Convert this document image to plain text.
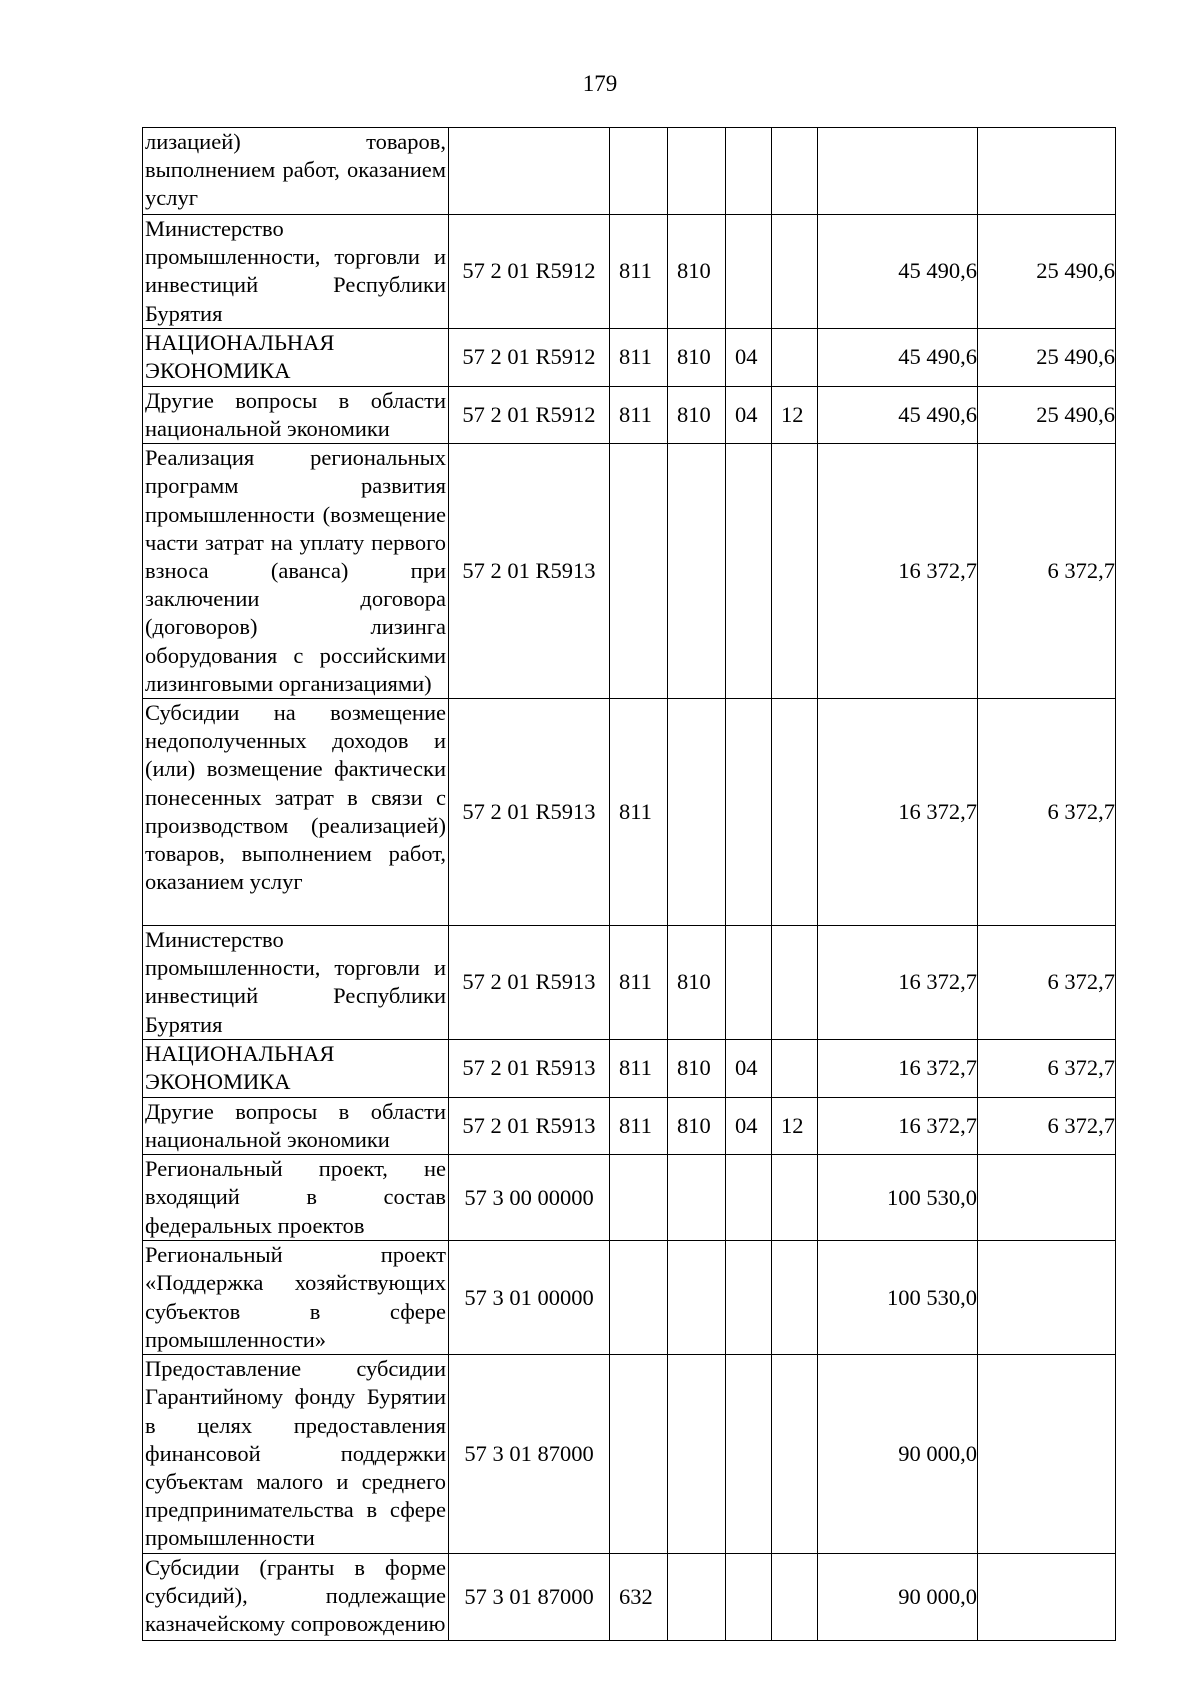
179
лизацией) товаров, выполнением работ, оказанием услуг							
Министерство промышленности, торговли и инвестиций Республики Бурятия	57 2 01 R5912	811	810			45 490,6	25 490,6
НАЦИОНАЛЬНАЯ ЭКОНОМИКА	57 2 01 R5912	811	810	04		45 490,6	25 490,6
Другие вопросы в области национальной экономики	57 2 01 R5912	811	810	04	12	45 490,6	25 490,6
Реализация региональных программ развития промышленности (возмещение части затрат на уплату первого взноса (аванса) при заключении договора (договоров) лизинга оборудования с российскими лизинговыми организациями)	57 2 01 R5913					16 372,7	6 372,7
Субсидии на возмещение недополученных доходов и (или) возмещение фактически понесенных затрат в связи с производством (реализацией) товаров, выполнением работ, оказанием услуг	57 2 01 R5913	811				16 372,7	6 372,7
Министерство промышленности, торговли и инвестиций Республики Бурятия	57 2 01 R5913	811	810			16 372,7	6 372,7
НАЦИОНАЛЬНАЯ ЭКОНОМИКА	57 2 01 R5913	811	810	04		16 372,7	6 372,7
Другие вопросы в области национальной экономики	57 2 01 R5913	811	810	04	12	16 372,7	6 372,7
Региональный проект, не входящий в состав федеральных проектов	57 3 00 00000					100 530,0	
Региональный проект «Поддержка хозяйствующих субъектов в сфере промышленности»	57 3 01 00000					100 530,0	
Предоставление субсидии Гарантийному фонду Бурятии в целях предоставления финансовой поддержки субъектам малого и среднего предпринимательства в сфере промышленности	57 3 01 87000					90 000,0	
Субсидии (гранты в форме субсидий), подлежащие казначейскому сопровождению	57 3 01 87000	632				90 000,0	
